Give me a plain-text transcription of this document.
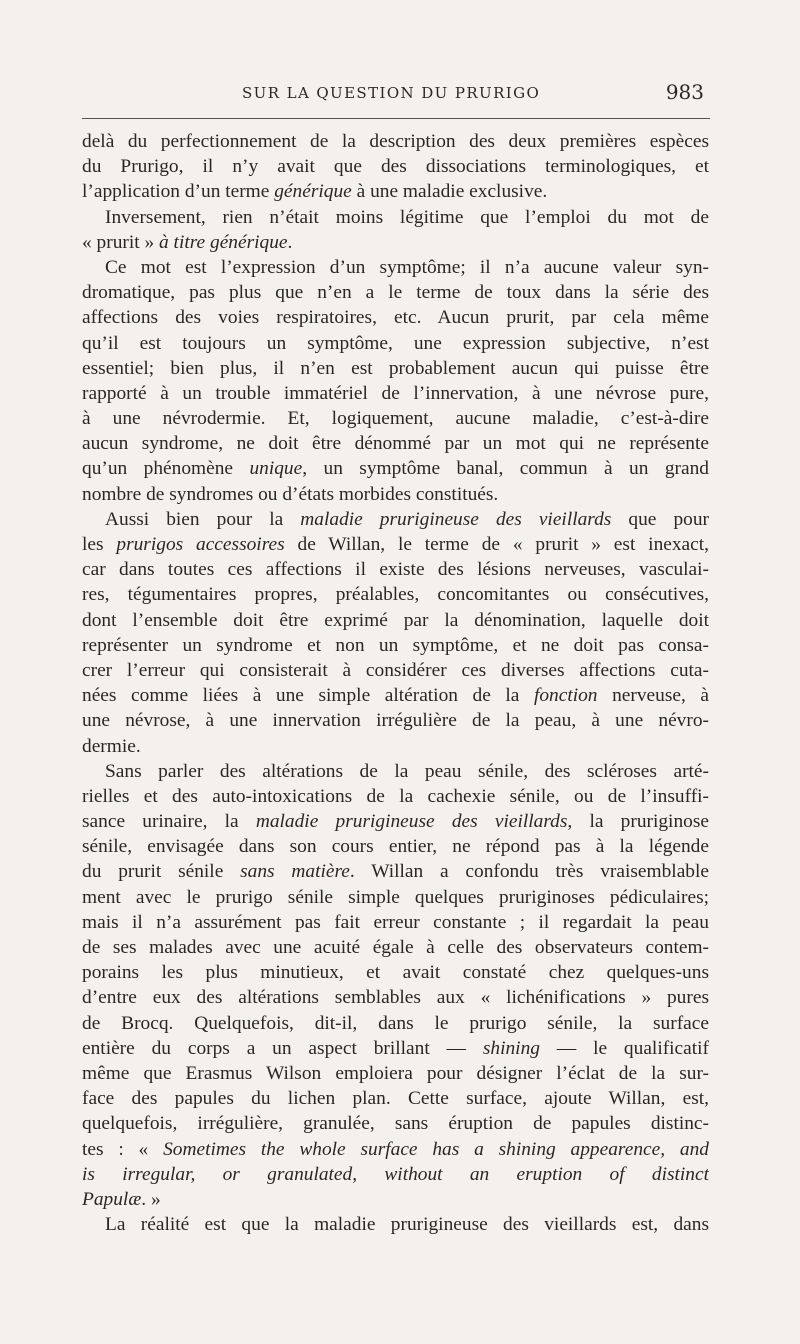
SUR LA QUESTION DU PRURIGO	983
delà du perfectionnement de la description des deux premières espèces
du Prurigo, il n’y avait que des dissociations terminologiques, et
l’application d’un terme générique à une maladie exclusive.
Inversement, rien n’était moins légitime que l’emploi du mot de
« prurit » à titre générique.
Ce mot est l’expression d’un symptôme; il n’a aucune valeur syn-
dromatique, pas plus que n’en a le terme de toux dans la série des
affections des voies respiratoires, etc. Aucun prurit, par cela même
qu’il est toujours un symptôme, une expression subjective, n’est
essentiel; bien plus, il n’en est probablement aucun qui puisse être
rapporté à un trouble immatériel de l’innervation, à une névrose pure,
à une névrodermie. Et, logiquement, aucune maladie, c’est-à-dire
aucun syndrome, ne doit être dénommé par un mot qui ne représente
qu’un phénomène unique, un symptôme banal, commun à un grand
nombre de syndromes ou d’états morbides constitués.
Aussi bien pour la maladie prurigineuse des vieillards que pour
les prurigos accessoires de Willan, le terme de « prurit » est inexact,
car dans toutes ces affections il existe des lésions nerveuses, vasculai-
res, tégumentaires propres, préalables, concomitantes ou consécutives,
dont l’ensemble doit être exprimé par la dénomination, laquelle doit
représenter un syndrome et non un symptôme, et ne doit pas consa-
crer l’erreur qui consisterait à considérer ces diverses affections cuta-
nées comme liées à une simple altération de la fonction nerveuse, à
une névrose, à une innervation irrégulière de la peau, à une névro-
dermie.
Sans parler des altérations de la peau sénile, des scléroses arté-
rielles et des auto-intoxications de la cachexie sénile, ou de l’insuffi-
sance urinaire, la maladie prurigineuse des vieillards, la pruriginose
sénile, envisagée dans son cours entier, ne répond pas à la légende
du prurit sénile sans matière. Willan a confondu très vraisemblable
ment avec le prurigo sénile simple quelques pruriginoses pédiculaires;
mais il n’a assurément pas fait erreur constante ; il regardait la peau
de ses malades avec une acuité égale à celle des observateurs contem-
porains les plus minutieux, et avait constaté chez quelques-uns
d’entre eux des altérations semblables aux « lichénifications » pures
de Brocq. Quelquefois, dit-il, dans le prurigo sénile, la surface
entière du corps a un aspect brillant — shining — le qualificatif
même que Erasmus Wilson emploiera pour désigner l’éclat de la sur-
face des papules du lichen plan. Cette surface, ajoute Willan, est,
quelquefois, irrégulière, granulée, sans éruption de papules distinc-
tes : « Sometimes the whole surface has a shining appearence, and
is irregular, or granulated, without an eruption of distinct
Papulæ. »
La réalité est que la maladie prurigineuse des vieillards est, dans
